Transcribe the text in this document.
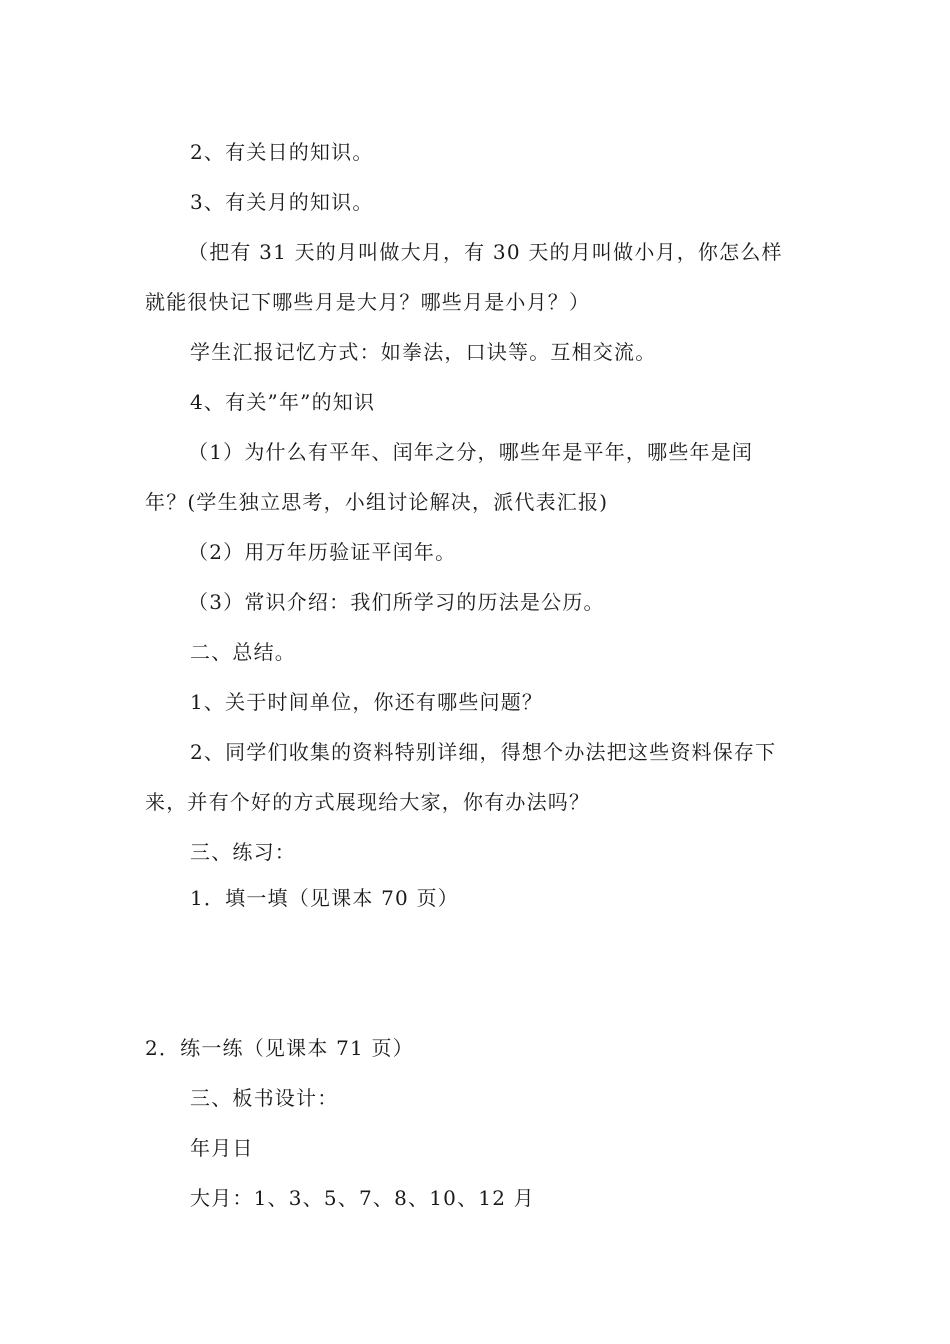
2、有关日的知识。
3、有关月的知识。
（把有 31 天的月叫做大月，有 30 天的月叫做小月，你怎么样
就能很快记下哪些月是大月？哪些月是小月？）
学生汇报记忆方式：如拳法，口诀等。互相交流。
4、有关”年”的知识
（1）为什么有平年、闰年之分，哪些年是平年，哪些年是闰
年？(学生独立思考，小组讨论解决，派代表汇报)
（2）用万年历验证平闰年。
（3）常识介绍：我们所学习的历法是公历。
二、总结。
1、关于时间单位，你还有哪些问题？
2、同学们收集的资料特别详细，得想个办法把这些资料保存下
来，并有个好的方式展现给大家，你有办法吗？
三、练习：
1．填一填（见课本 70 页）
2．练一练（见课本 71 页）
三、板书设计：
年月日
大月：1、3、5、7、8、10、12 月
